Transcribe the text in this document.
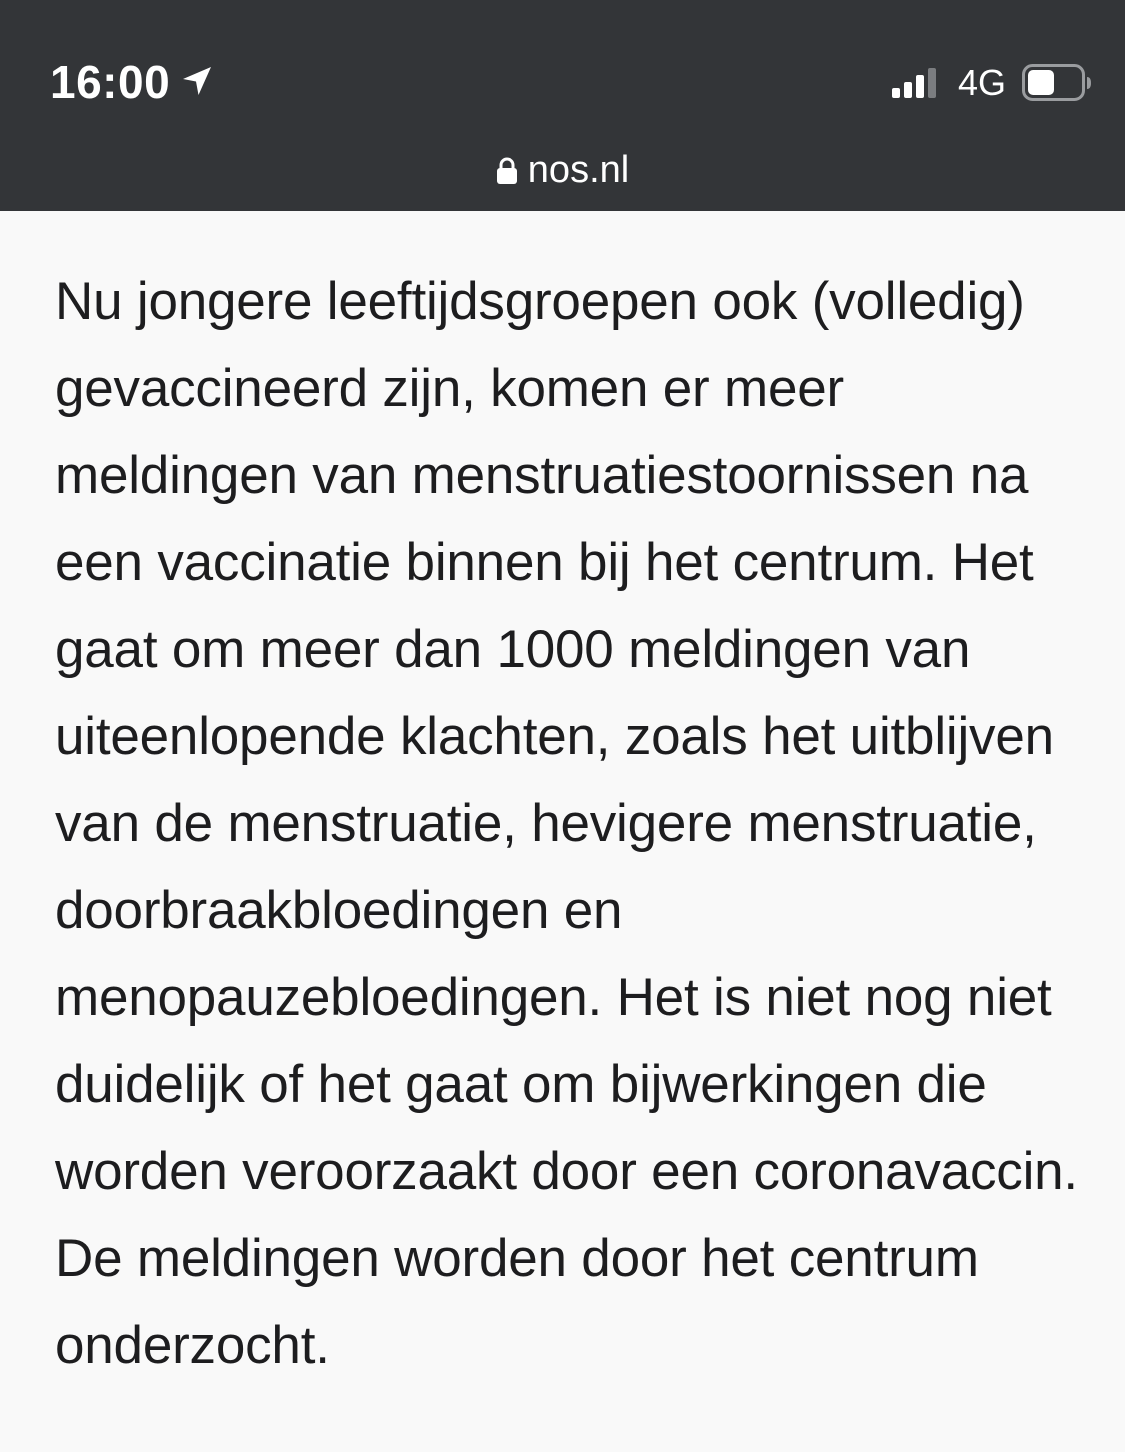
16:00	4G
nos.nl

Nu jongere leeftijdsgroepen ook (volledig) gevaccineerd zijn, komen er meer meldingen van menstruatiestoornissen na een vaccinatie binnen bij het centrum. Het gaat om meer dan 1000 meldingen van uiteenlopende klachten, zoals het uitblijven van de menstruatie, hevigere menstruatie, doorbraakbloedingen en menopauzebloedingen. Het is niet nog niet duidelijk of het gaat om bijwerkingen die worden veroorzaakt door een coronavaccin. De meldingen worden door het centrum onderzocht.
